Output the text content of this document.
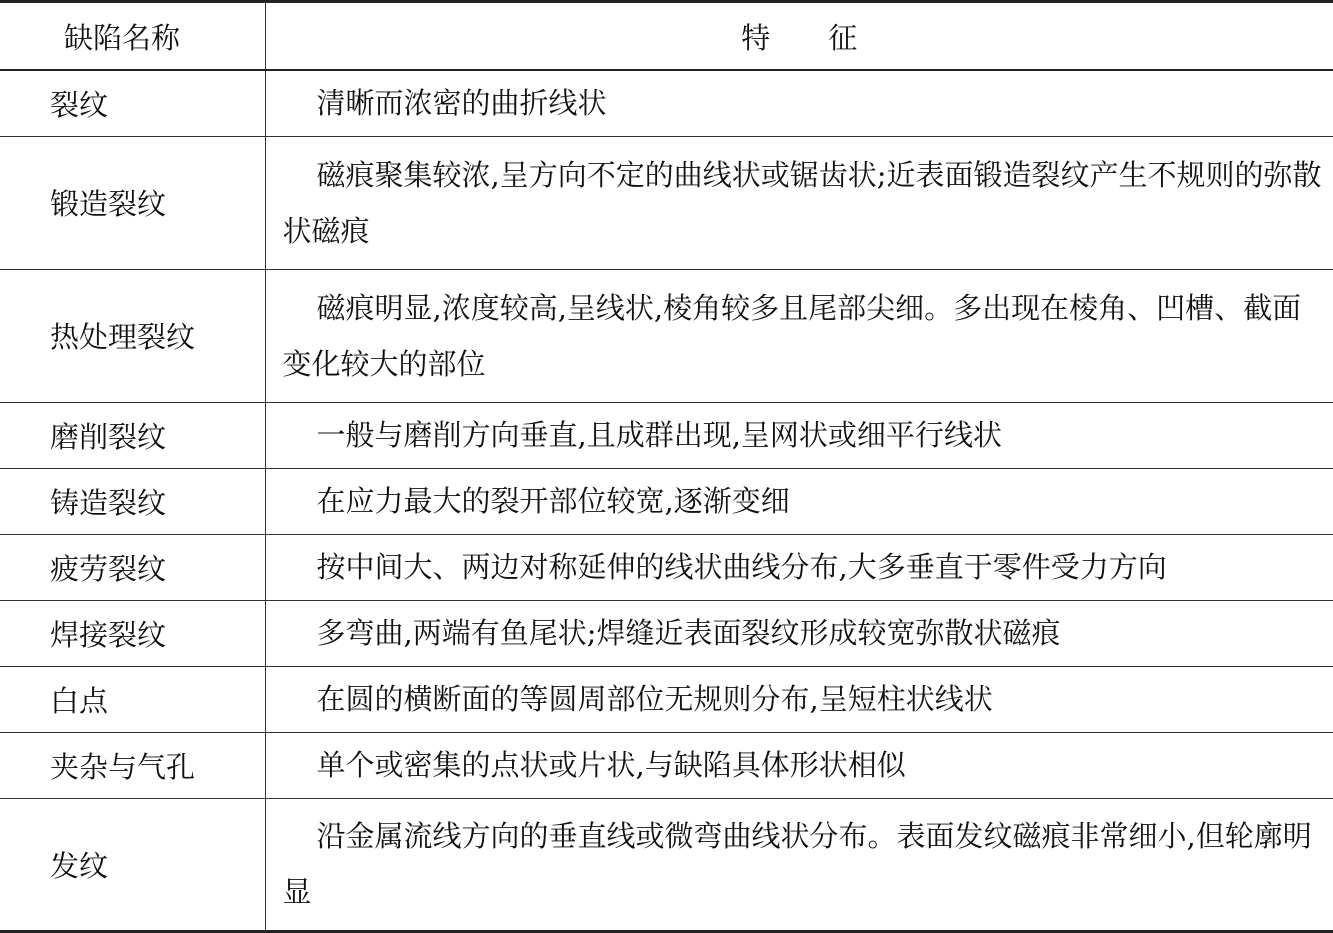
缺陷名称	特　　征
裂纹	清晰而浓密的曲折线状
锻造裂纹	磁痕聚集较浓,呈方向不定的曲线状或锯齿状;近表面锻造裂纹产生不规则的弥散状磁痕
热处理裂纹	磁痕明显,浓度较高,呈线状,棱角较多且尾部尖细。多出现在棱角、凹槽、截面变化较大的部位
磨削裂纹	一般与磨削方向垂直,且成群出现,呈网状或细平行线状
铸造裂纹	在应力最大的裂开部位较宽,逐渐变细
疲劳裂纹	按中间大、两边对称延伸的线状曲线分布,大多垂直于零件受力方向
焊接裂纹	多弯曲,两端有鱼尾状;焊缝近表面裂纹形成较宽弥散状磁痕
白点	在圆的横断面的等圆周部位无规则分布,呈短柱状线状
夹杂与气孔	单个或密集的点状或片状,与缺陷具体形状相似
发纹	沿金属流线方向的垂直线或微弯曲线状分布。表面发纹磁痕非常细小,但轮廓明显
